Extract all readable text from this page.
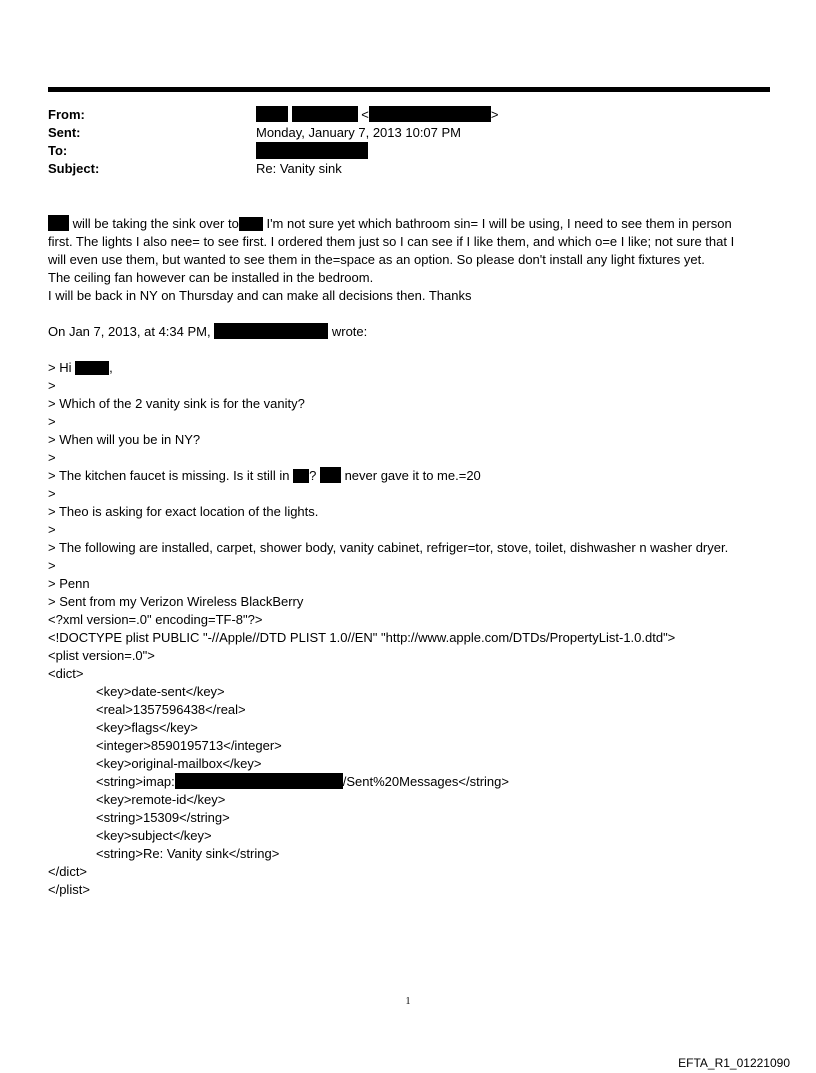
From:	<	>
Sent:	Monday, January 7, 2013 10:07 PM
To:
Subject:	Re: Vanity sink

will be taking the sink over to I'm not sure yet which bathroom sin= I will be using, I need to see them in person

first. The lights I also nee= to see first. I ordered them just so I can see if I like them, and which o=e I like; not sure that I

will even use them, but wanted to see them in the=space as an option. So please don't install any light fixtures yet.

The ceiling fan however can be installed in the bedroom.

I will be back in NY on Thursday and can make all decisions then. Thanks

On Jan 7, 2013, at 4:34 PM,	wrote:

> Hi	,

>

> Which of the 2 vanity sink is for the vanity?

>

> When will you be in NY?

>

> The kitchen faucet is missing. Is it still in ? never gave it to me.=20

>

> Theo is asking for exact location of the lights.

>

> The following are installed, carpet, shower body, vanity cabinet, refriger=tor, stove, toilet, dishwasher n washer dryer.

>

> Penn

> Sent from my Verizon Wireless BlackBerry

<?xml version=.0" encoding=TF-8"?>

<!DOCTYPE plist PUBLIC "-//Apple//DTD PLIST 1.0//EN" "http://www.apple.com/DTDs/PropertyList-1.0.dtd">

<plist version=.0">

<dict>

<key>date-sent</key>

<real>1357596438</real>

<key>flags</key>

<integer>8590195713</integer>

<key>original-mailbox</key>

<string>imap:	/Sent%20Messages</string>

<key>remote-id</key>

<string>15309</string>

<key>subject</key>

<string>Re: Vanity sink</string>

</dict>

</plist>

1
EFTA_R1_01221090
